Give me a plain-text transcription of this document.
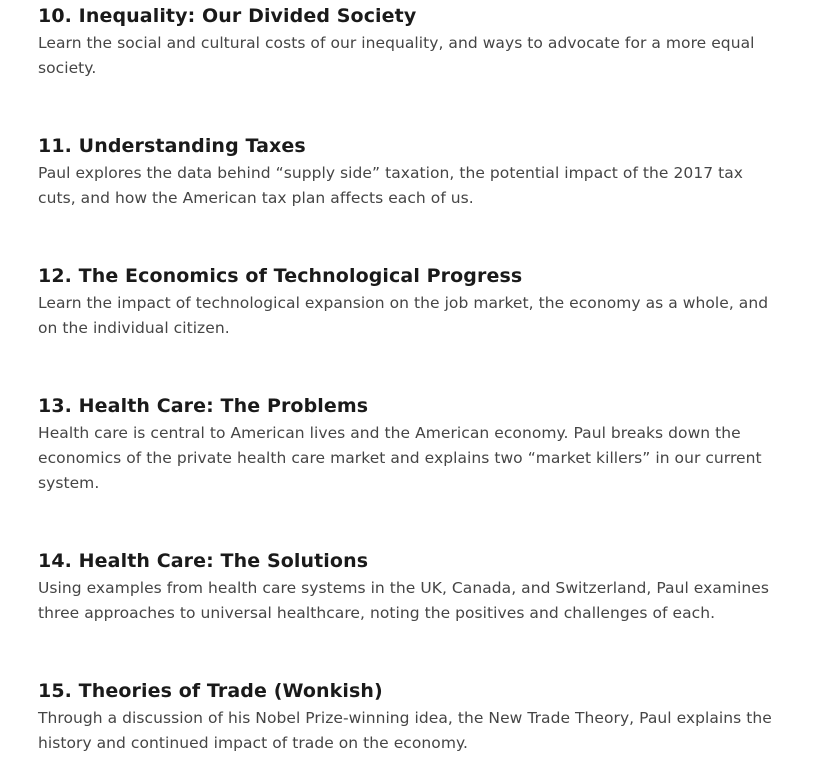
10. Inequality: Our Divided Society

Learn the social and cultural costs of our inequality, and ways to advocate for a more equal society.

11. Understanding Taxes

Paul explores the data behind “supply side” taxation, the potential impact of the 2017 tax cuts, and how the American tax plan affects each of us.

12. The Economics of Technological Progress

Learn the impact of technological expansion on the job market, the economy as a whole, and on the individual citizen.

13. Health Care: The Problems

Health care is central to American lives and the American economy. Paul breaks down the economics of the private health care market and explains two “market killers” in our current system.

14. Health Care: The Solutions

Using examples from health care systems in the UK, Canada, and Switzerland, Paul examines three approaches to universal healthcare, noting the positives and challenges of each.

15. Theories of Trade (Wonkish)

Through a discussion of his Nobel Prize-winning idea, the New Trade Theory, Paul explains the history and continued impact of trade on the economy.
